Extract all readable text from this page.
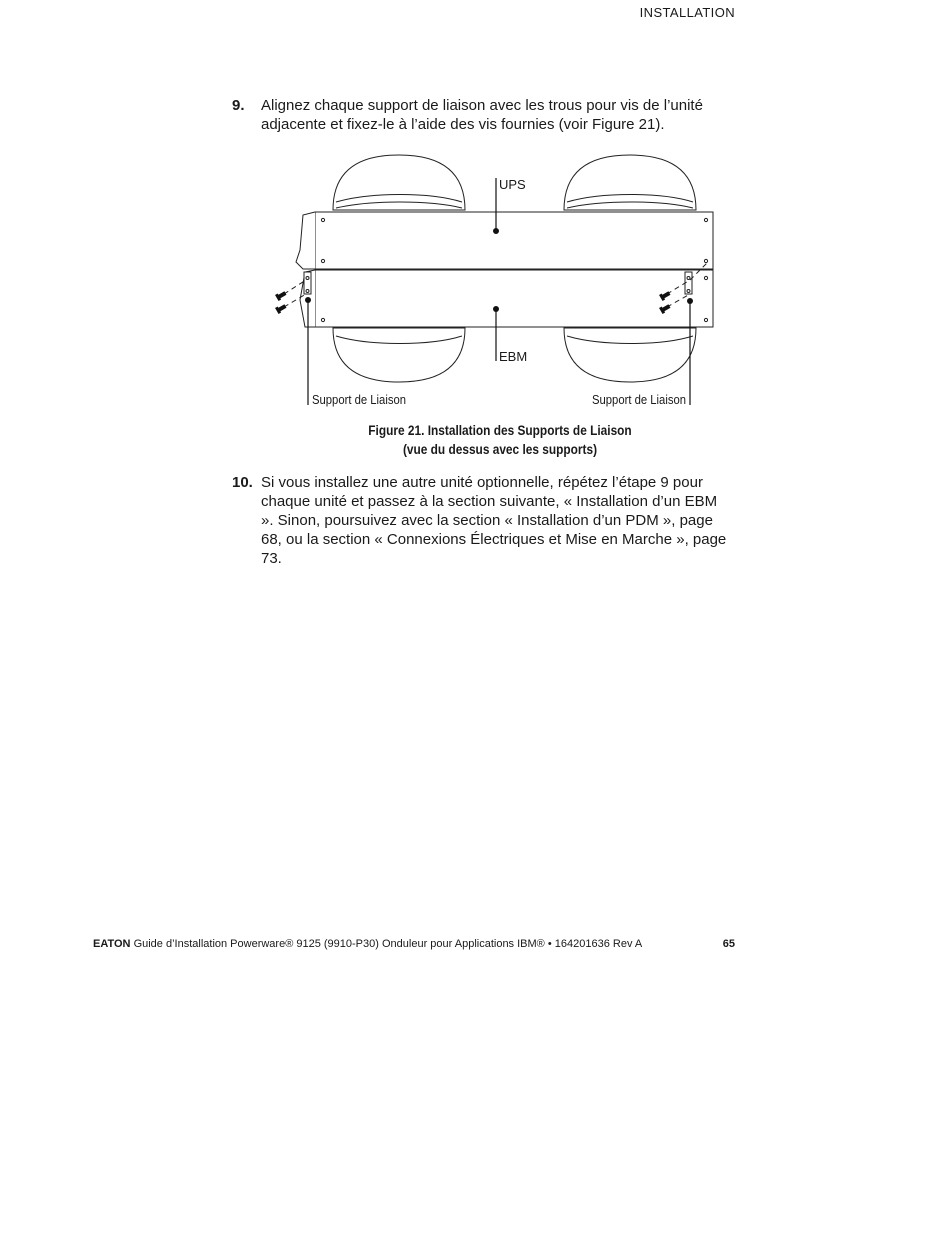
INSTALLATION
9. Alignez chaque support de liaison avec les trous pour vis de l’unité adjacente et fixez-le à l’aide des vis fournies (voir Figure 21).
UPS
EBM
Support de Liaison	Support de Liaison
Figure 21. Installation des Supports de Liaison
(vue du dessus avec les supports)
10. Si vous installez une autre unité optionnelle, répétez l’étape 9 pour chaque unité et passez à la section suivante, « Installation d’un EBM ». Sinon, poursuivez avec la section « Installation d’un PDM », page 68, ou la section « Connexions Électriques et Mise en Marche », page 73.
EATON Guide d’Installation Powerware® 9125 (9910-P30) Onduleur pour Applications IBM® • 164201636 Rev A	65
